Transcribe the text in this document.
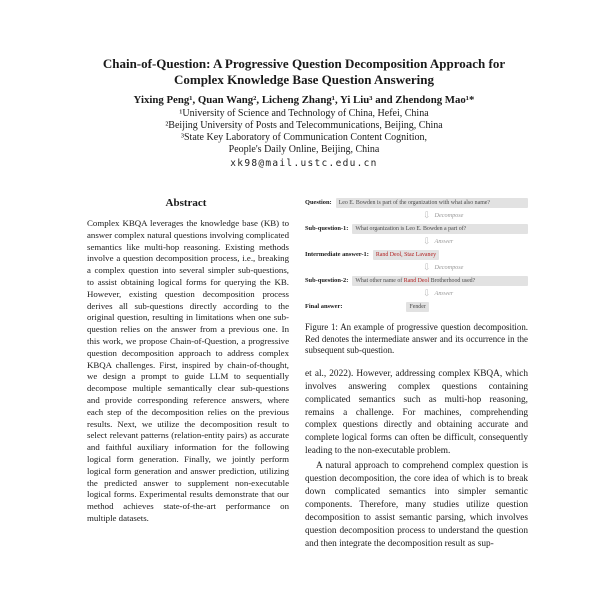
Chain-of-Question: A Progressive Question Decomposition Approach for Complex Knowledge Base Question Answering
Yixing Peng¹, Quan Wang², Licheng Zhang¹, Yi Liu³ and Zhendong Mao¹*
¹University of Science and Technology of China, Hefei, China
²Beijing University of Posts and Telecommunications, Beijing, China
³State Key Laboratory of Communication Content Cognition,
People's Daily Online, Beijing, China
xk98@mail.ustc.edu.cn
Abstract
Complex KBQA leverages the knowledge base (KB) to answer complex natural questions involving complicated semantics like multi-hop reasoning. Existing methods involve a question decomposition process, i.e., breaking a complex question into several simpler sub-questions, to assist obtaining logical forms for querying the KB. However, existing question decomposition process derives all sub-questions directly according to the original question, resulting in limitations when one sub-question relies on the answer from a previous one. In this work, we propose Chain-of-Question, a progressive question decomposition approach to address complex KBQA challenges. First, inspired by chain-of-thought, we design a prompt to guide LLM to sequentially decompose multiple semantically clear sub-questions and provide corresponding reference answers, where each step of the decomposition relies on the previous results. Next, we utilize the decomposition result to select relevant patterns (relation-entity pairs) as accurate and faithful auxiliary information for the following logical form generation. Finally, we jointly perform logical form generation and answer prediction, utilizing the predicted answer to supplement non-executable logical forms. Experimental results demonstrate that our method achieves state-of-the-art performance on multiple datasets.
Question:	Leo E. Bowden is part of the organization with what also name?
⇩ Decompose
Sub-question-1:	What organization is Leo E. Bowden a part of?
⇩ Answer
Intermediate answer-1:	Rand Deol, Staz Lavaney
⇩ Decompose
Sub-question-2:	What other name of Rand Deol Brotherhood used?
⇩ Answer
Final answer:	Fender
Figure 1: An example of progressive question decomposition. Red denotes the intermediate answer and its occurrence in the subsequent sub-question.

et al., 2022). However, addressing complex KBQA, which involves answering complex questions containing complicated semantics such as multi-hop reasoning, remains a challenge. For machines, comprehending complex questions directly and obtaining accurate and complete logical forms can often be difficult, consequently leading to the non-executable problem.

A natural approach to comprehend complex question is question decomposition, the core idea of which is to break down complicated semantics into simpler semantic components. Therefore, many studies utilize question decomposition to assist semantic parsing, which involves question decomposition process to understand the question and then integrate the decomposition result as sup-
